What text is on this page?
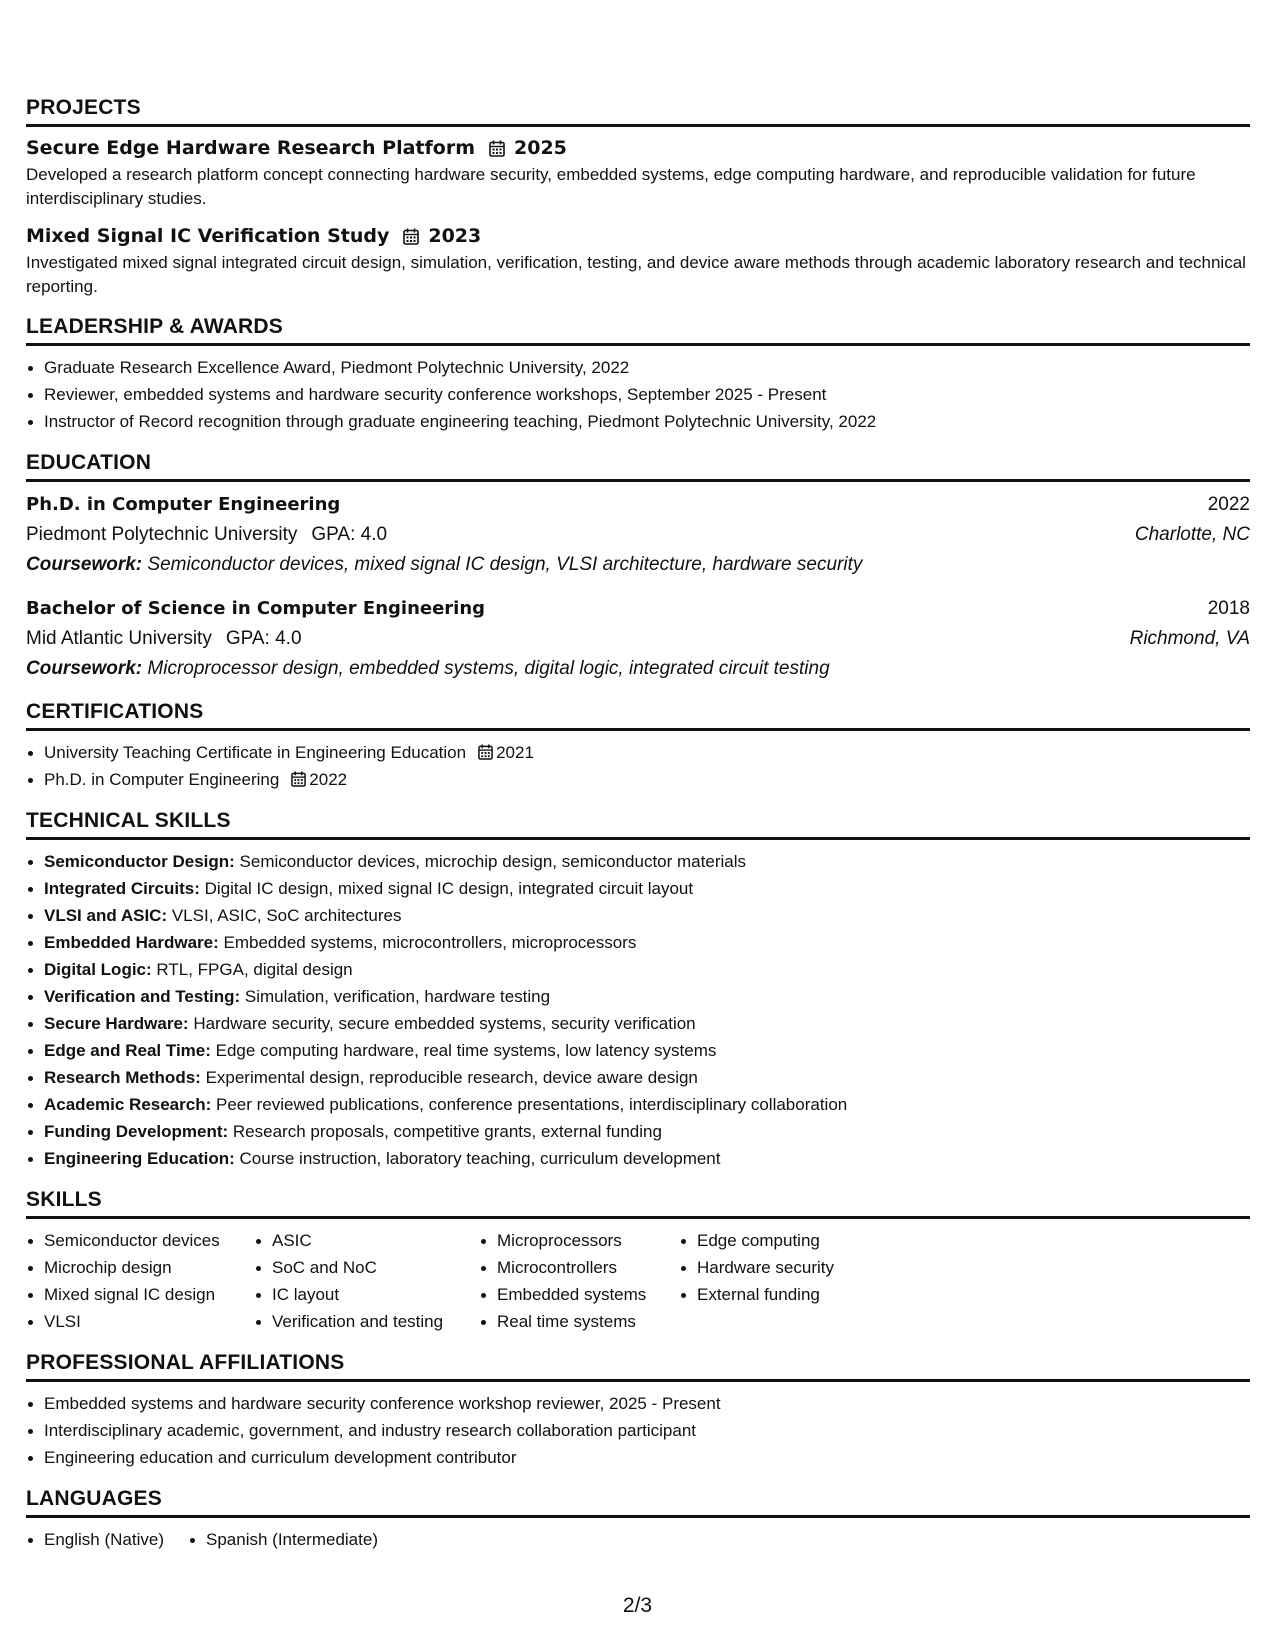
PROJECTS
Secure Edge Hardware Research Platform 2025
Developed a research platform concept connecting hardware security, embedded systems, edge computing hardware, and reproducible validation for future interdisciplinary studies.
Mixed Signal IC Verification Study 2023
Investigated mixed signal integrated circuit design, simulation, verification, testing, and device aware methods through academic laboratory research and technical reporting.
LEADERSHIP & AWARDS
Graduate Research Excellence Award, Piedmont Polytechnic University, 2022
Reviewer, embedded systems and hardware security conference workshops, September 2025 - Present
Instructor of Record recognition through graduate engineering teaching, Piedmont Polytechnic University, 2022
EDUCATION
Ph.D. in Computer Engineering	2022
Piedmont Polytechnic University GPA: 4.0	Charlotte, NC
Coursework: Semiconductor devices, mixed signal IC design, VLSI architecture, hardware security
Bachelor of Science in Computer Engineering	2018
Mid Atlantic University GPA: 4.0	Richmond, VA
Coursework: Microprocessor design, embedded systems, digital logic, integrated circuit testing
CERTIFICATIONS
University Teaching Certificate in Engineering Education 2021
Ph.D. in Computer Engineering 2022
TECHNICAL SKILLS
Semiconductor Design: Semiconductor devices, microchip design, semiconductor materials
Integrated Circuits: Digital IC design, mixed signal IC design, integrated circuit layout
VLSI and ASIC: VLSI, ASIC, SoC architectures
Embedded Hardware: Embedded systems, microcontrollers, microprocessors
Digital Logic: RTL, FPGA, digital design
Verification and Testing: Simulation, verification, hardware testing
Secure Hardware: Hardware security, secure embedded systems, security verification
Edge and Real Time: Edge computing hardware, real time systems, low latency systems
Research Methods: Experimental design, reproducible research, device aware design
Academic Research: Peer reviewed publications, conference presentations, interdisciplinary collaboration
Funding Development: Research proposals, competitive grants, external funding
Engineering Education: Course instruction, laboratory teaching, curriculum development
SKILLS
Semiconductor devices
Microchip design
Mixed signal IC design
VLSI
ASIC
SoC and NoC
IC layout
Verification and testing
Microprocessors
Microcontrollers
Embedded systems
Real time systems
Edge computing
Hardware security
External funding
PROFESSIONAL AFFILIATIONS
Embedded systems and hardware security conference workshop reviewer, 2025 - Present
Interdisciplinary academic, government, and industry research collaboration participant
Engineering education and curriculum development contributor
LANGUAGES
English (Native)	Spanish (Intermediate)
2/3
